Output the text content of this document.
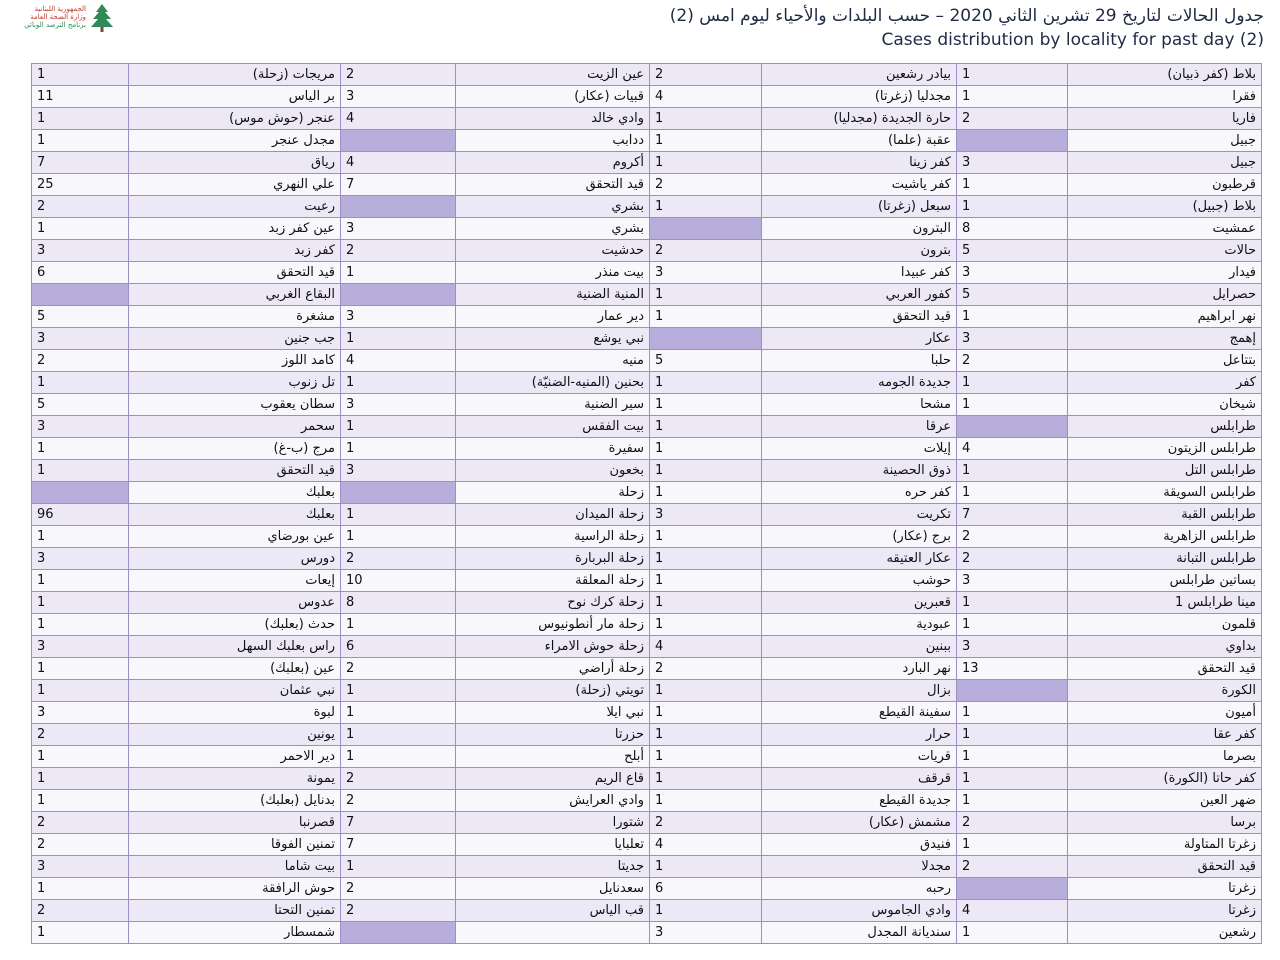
الجمهورية اللبنانية
وزارة الصحة العامة
برنامج الترصد الوبائي	جدول الحالات لتاريخ 29 تشرين الثاني 2020 – حسب البلدات والأحياء ليوم امس (2)
Cases distribution by locality for past day (2)
بلاط (كفر ذبيان)	1	بيادر رشعين	2	عين الزيت	2	مريجات (زحلة)	1
فقرا	1	مجدليا (زغرتا)	4	قبيات (عكار)	3	بر الياس	11
فاريا	2	حارة الجديدة (مجدليا)	1	وادي خالد	4	عنجر (حوش موس)	1
جبيل		عقبة (علما)	1	ددابب		مجدل عنجر	1
جبيل	3	كفر زينا	1	أكروم	4	رياق	7
قرطبون	1	كفر ياشيت	2	قيد التحقق	7	علي النهري	25
بلاط (جبيل)	1	سبعل (زغرتا)	1	بشري		رعيت	2
عمشيت	8	البترون		بشري	3	عين كفر زبد	1
حالات	5	بترون	2	حدشيت	2	كفر زبد	3
فيدار	3	كفر عبيدا	3	بيت منذر	1	قيد التحقق	6
حصرايل	5	كفور العربي	1	المنية الضنية		البقاع الغربي	
نهر ابراهيم	1	قيد التحقق	1	دير عمار	3	مشغرة	5
إهمج	3	عكار		نبي يوشع	1	جب جنين	3
بتتاعل	2	حلبا	5	منيه	4	كامد اللوز	2
كفر	1	جديدة الجومه	1	بحنين (المنيه-الضنيّة)	1	تل زنوب	1
شيخان	1	مشحا	1	سير الضنية	3	سطان يعقوب	5
طرابلس		عرقا	1	بيت الفقس	1	سحمر	3
طرابلس الزيتون	4	إيلات	1	سفيرة	1	مرج (ب-غ)	1
طرابلس التل	1	ذوق الحصينة	1	بخعون	3	قيد التحقق	1
طرابلس السويقة	1	كفر حره	1	زحلة		بعلبك	
طرابلس القبة	7	تكريت	3	زحلة الميدان	1	بعلبك	96
طرابلس الزاهرية	2	برج (عكار)	1	زحلة الراسية	1	عين بورضاي	1
طرابلس التبانة	2	عكار العتيقه	1	زحلة البربارة	2	دورس	3
بساتين طرابلس	3	حوشب	1	زحلة المعلقة	10	إيعات	1
مينا طرابلس 1	1	قعبرين	1	زحلة كرك نوح	8	عدوس	1
قلمون	1	عبودية	1	زحلة مار أنطونيوس	1	حدث (بعلبك)	1
بداوي	3	ببنين	4	زحلة حوش الامراء	6	راس بعلبك السهل	3
قيد التحقق	13	نهر البارد	2	زحلة أراضي	2	عين (بعلبك)	1
الكورة		بزال	1	تويتي (زحلة)	1	نبي عثمان	1
أميون	1	سفينة القيطع	1	نبي ايلا	1	لبوة	3
كفر عقا	1	حرار	1	حزرتا	1	يونين	2
بصرما	1	قريات	1	أبلح	1	دير الاحمر	1
كفر حاتا (الكورة)	1	قرقف	1	قاع الريم	2	يمونة	1
ضهر العين	1	جديدة القيطع	1	وادي العرايش	2	بدنايل (بعلبك)	1
برسا	2	مشمش (عكار)	2	شتورا	7	قصرنبا	2
زغرتا المتاولة	1	فنيدق	4	تعلبايا	7	تمنين الفوقا	2
قيد التحقق	2	مجدلا	1	جديتا	1	بيت شاما	3
زغرتا		رحبه	6	سعدنايل	2	حوش الرافقة	1
زغرتا	4	وادي الجاموس	1	قب الياس	2	تمنين التحتا	2
رشعين	1	سنديانة المجدل	3			شمسطار	1
